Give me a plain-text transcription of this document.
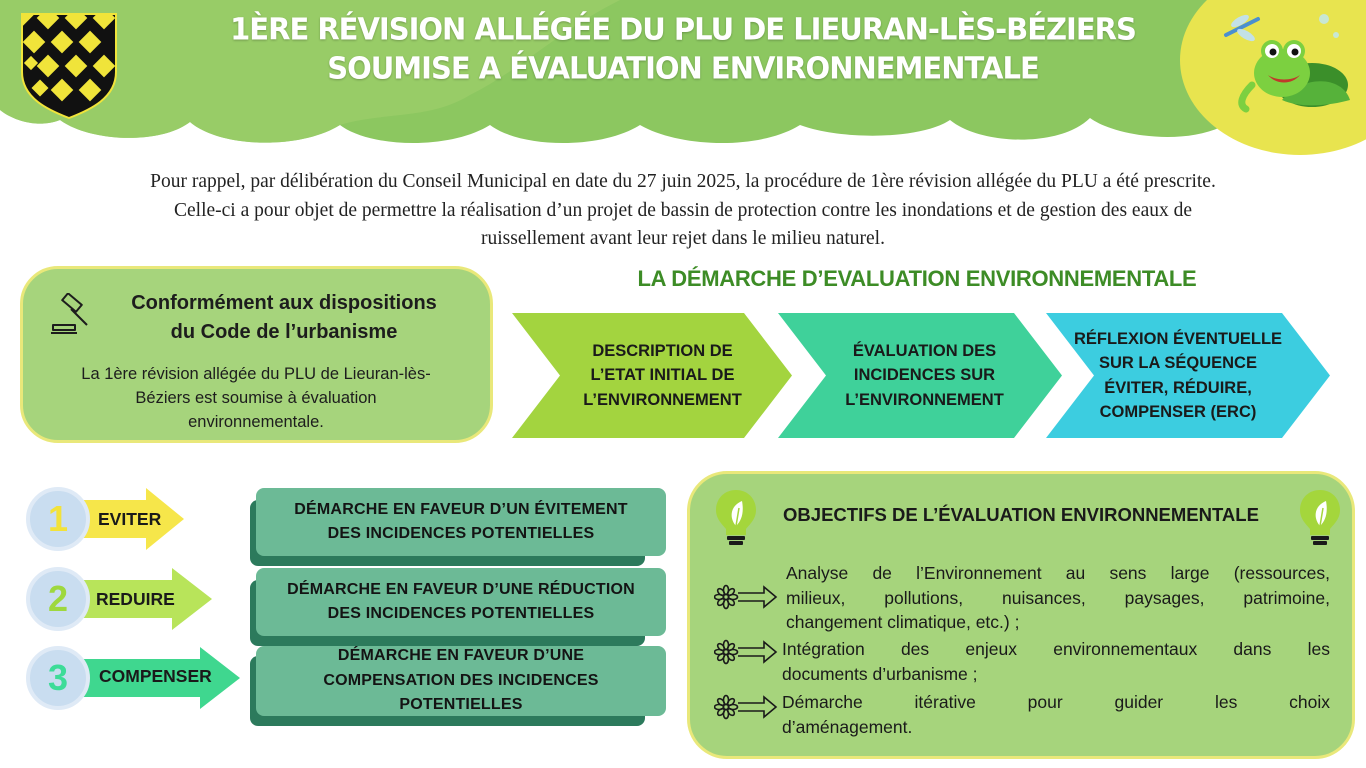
1ÈRE RÉVISION ALLÉGÉE DU PLU DE LIEURAN-LÈS-BÉZIERS
SOUMISE A ÉVALUATION ENVIRONNEMENTALE
Pour rappel, par délibération du Conseil Municipal en date du 27 juin 2025, la procédure de 1ère révision allégée du PLU a été prescrite.
Celle-ci a pour objet de permettre la réalisation d’un projet de bassin de protection contre les inondations et de gestion des eaux de
ruissellement avant leur rejet dans le milieu naturel.
Conformément aux dispositions
du Code de l’urbanisme
La 1ère révision allégée du PLU de Lieuran-lès-
Béziers est soumise à évaluation
environnementale.
LA DÉMARCHE D’EVALUATION ENVIRONNEMENTALE
DESCRIPTION DE
L’ETAT INITIAL DE
L’ENVIRONNEMENT
ÉVALUATION DES
INCIDENCES SUR
L’ENVIRONNEMENT
RÉFLEXION ÉVENTUELLE
SUR LA SÉQUENCE
ÉVITER, RÉDUIRE,
COMPENSER (ERC)
1	EVITER	DÉMARCHE EN FAVEUR D’UN ÉVITEMENT
DES INCIDENCES POTENTIELLES
2	REDUIRE	DÉMARCHE EN FAVEUR D’UNE RÉDUCTION
DES INCIDENCES POTENTIELLES
3	COMPENSER
DÉMARCHE EN FAVEUR D’UNE
COMPENSATION DES INCIDENCES
POTENTIELLES
OBJECTIFS DE L’ÉVALUATION ENVIRONNEMENTALE
Analyse de l’Environnement au sens large (ressources,
milieux, pollutions, nuisances, paysages, patrimoine,
changement climatique, etc.) ;
Intégration des enjeux environnementaux dans les
documents d’urbanisme ;
Démarche itérative pour guider les choix
d’aménagement.
